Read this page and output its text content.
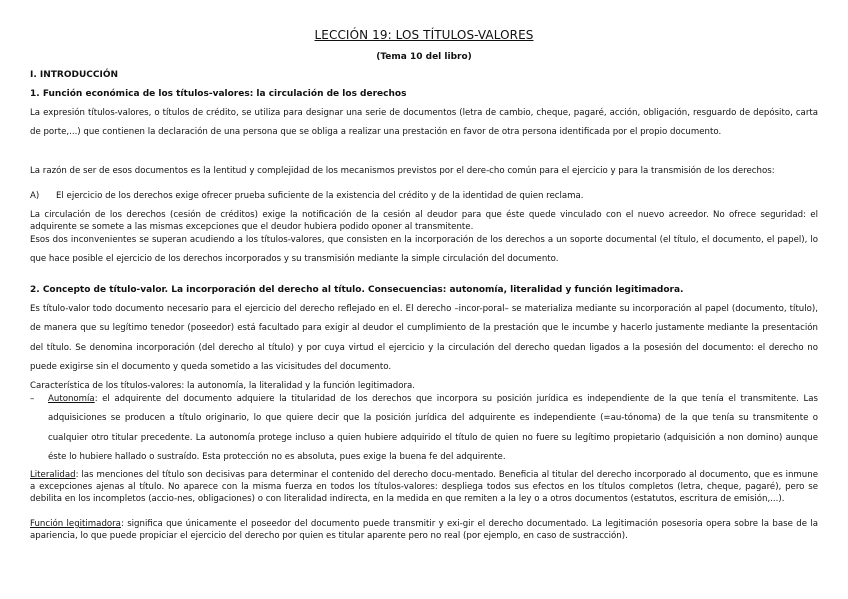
LECCIÓN 19: LOS TÍTULOS-VALORES
(Tema 10 del libro)
I. INTRODUCCIÓN
1. Función económica de los títulos-valores: la circulación de los derechos
La expresión títulos-valores, o títulos de crédito, se utiliza para designar una serie de documentos (letra de cambio, cheque, pagaré, acción, obligación, resguardo de depósito, carta de porte,...) que contienen la declaración de una persona que se obliga a realizar una prestación en favor de otra persona identificada por el propio documento.
La razón de ser de esos documentos es la lentitud y complejidad de los mecanismos previstos por el dere-cho común para el ejercicio y para la transmisión de los derechos:
A)	El ejercicio de los derechos exige ofrecer prueba suficiente de la existencia del crédito y de la identidad de quien reclama.
La circulación de los derechos (cesión de créditos) exige la notificación de la cesión al deudor para que éste quede vinculado con el nuevo acreedor. No ofrece seguridad: el adquirente se somete a las mismas excepciones que el deudor hubiera podido oponer al transmitente.
Esos dos inconvenientes se superan acudiendo a los títulos-valores, que consisten en la incorporación de los derechos a un soporte documental (el título, el documento, el papel), lo que hace posible el ejercicio de los derechos incorporados y su transmisión mediante la simple circulación del documento.
2. Concepto de título-valor. La incorporación del derecho al título. Consecuencias: autonomía, literalidad y función legitimadora.
Es título-valor todo documento necesario para el ejercicio del derecho reflejado en el. El derecho –incor-poral– se materializa mediante su incorporación al papel (documento, título), de manera que su legítimo tenedor (poseedor) está facultado para exigir al deudor el cumplimiento de la prestación que le incumbe y hacerlo justamente mediante la presentación del título. Se denomina incorporación (del derecho al título) y por cuya virtud el ejercicio y la circulación del derecho quedan ligados a la posesión del documento: el derecho no puede exigirse sin el documento y queda sometido a las vicisitudes del documento.
Característica de los títulos-valores: la autonomía, la literalidad y la función legitimadora.
–	Autonomía: el adquirente del documento adquiere la titularidad de los derechos que incorpora su posición jurídica es independiente de la que tenía el transmitente. Las adquisiciones se producen a título originario, lo que quiere decir que la posición jurídica del adquirente es independiente (=au-tónoma) de la que tenía su transmitente o cualquier otro titular precedente. La autonomía protege incluso a quien hubiere adquirido el título de quien no fuere su legítimo propietario (adquisición a non domino) aunque éste lo hubiere hallado o sustraído. Esta protección no es absoluta, pues exige la buena fe del adquirente.
Literalidad: las menciones del título son decisivas para determinar el contenido del derecho docu-mentado. Beneficia al titular del derecho incorporado al documento, que es inmune a excepciones ajenas al título. No aparece con la misma fuerza en todos los títulos-valores: despliega todos sus efectos en los títulos completos (letra, cheque, pagaré), pero se debilita en los incompletos (accio-nes, obligaciones) o con literalidad indirecta, en la medida en que remiten a la ley o a otros documentos (estatutos, escritura de emisión,...).
Función legitimadora: significa que únicamente el poseedor del documento puede transmitir y exi-gir el derecho documentado. La legitimación posesoria opera sobre la base de la apariencia, lo que puede propiciar el ejercicio del derecho por quien es titular aparente pero no real (por ejemplo, en caso de sustracción).
